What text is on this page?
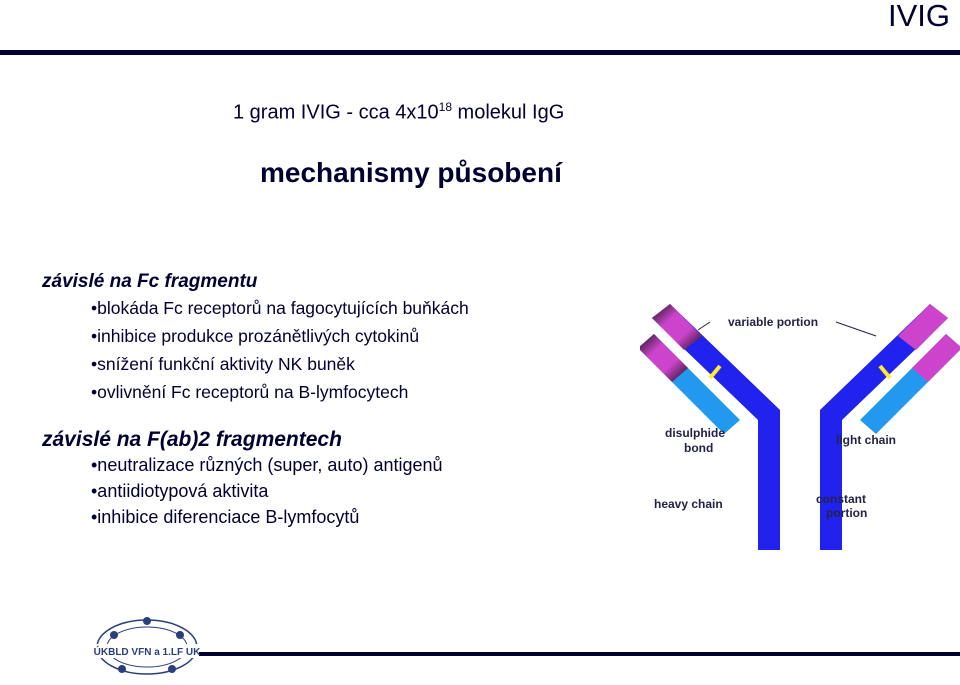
IVIG
1 gram IVIG - cca $4x10^{18}$ molekul IgG
mechanismy působení
závislé na Fc fragmentu
•blokáda Fc receptorů na fagocytujících buňkách
•inhibice produkce prozánětlivých cytokinů
•snížení funkční aktivity NK buněk
•ovlivnění Fc receptorů na B-lymfocytech
závislé na F(ab)2 fragmentech
•neutralizace různých (super, auto) antigenů
•antiidiotypová aktivita
•inhibice diferenciace B-lymfocytů
variable portion
disulphide
bond
light chain
heavy chain	constant
portion
ÚKBLD VFN a 1.LF UK
